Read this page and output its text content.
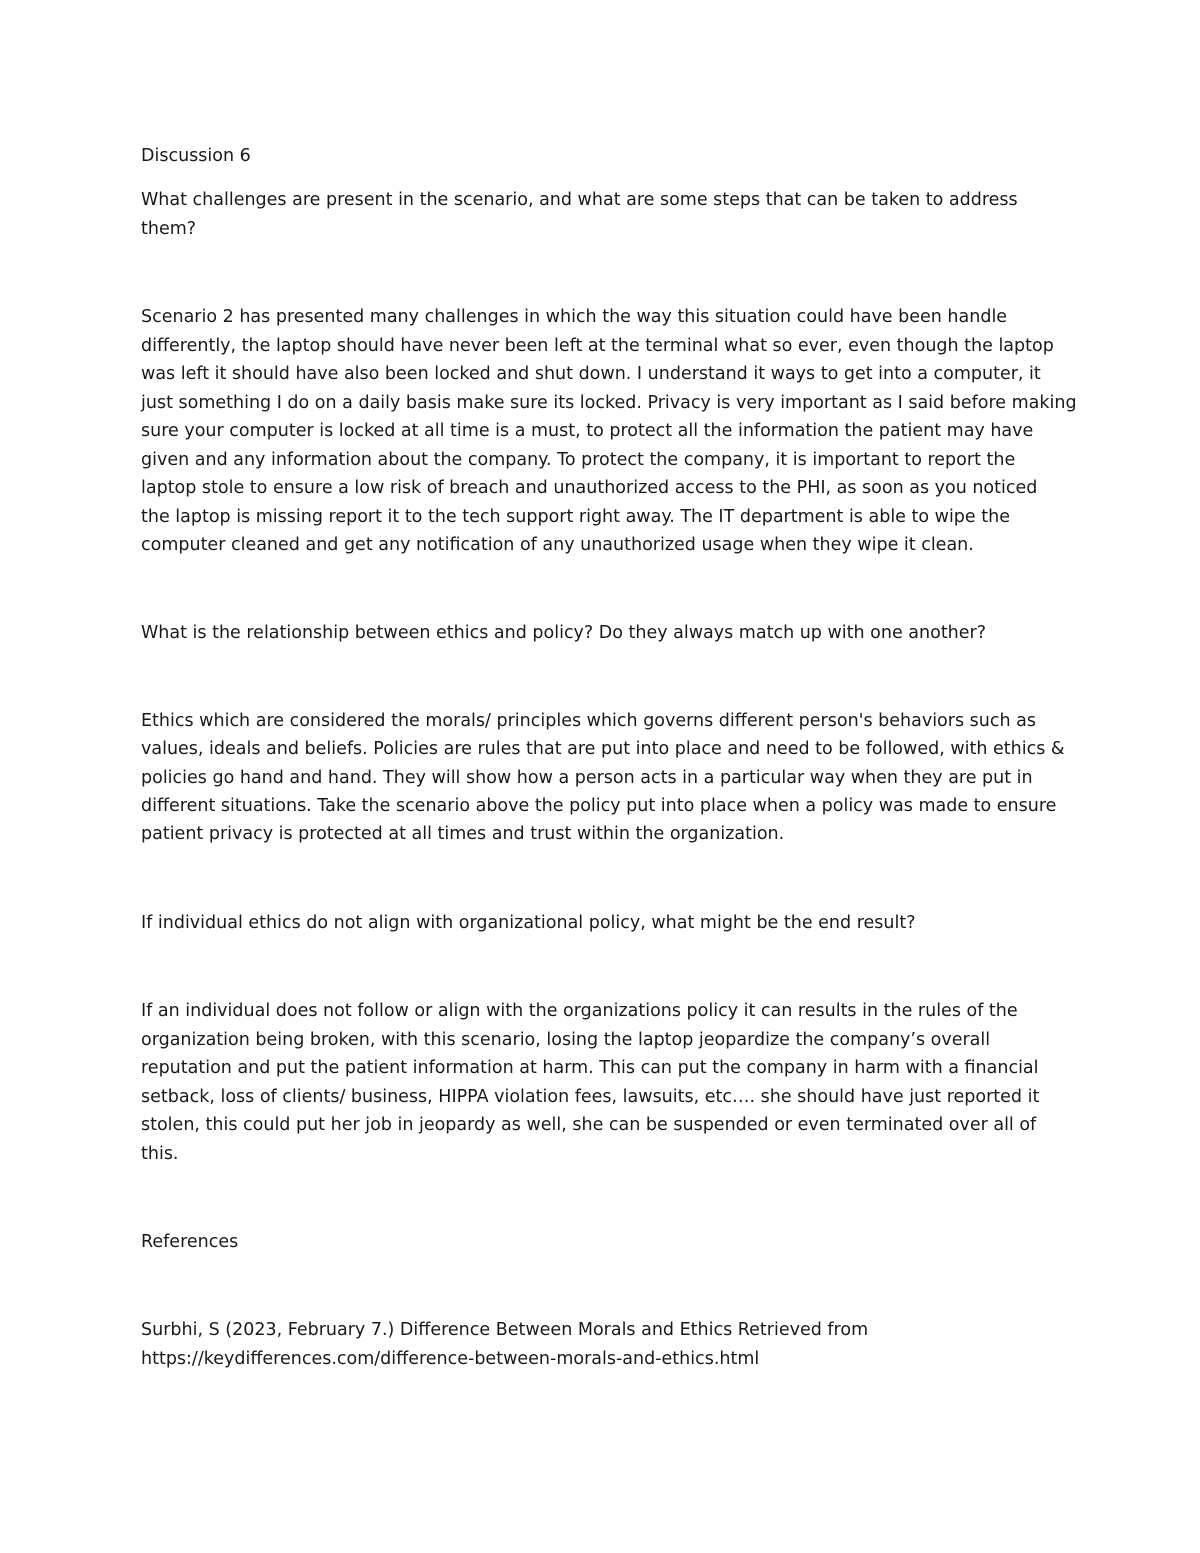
Discussion 6

What challenges are present in the scenario, and what are some steps that can be taken to address

them?

Scenario 2 has presented many challenges in which the way this situation could have been handle

differently, the laptop should have never been left at the terminal what so ever, even though the laptop

was left it should have also been locked and shut down. I understand it ways to get into a computer, it

just something I do on a daily basis make sure its locked. Privacy is very important as I said before making

sure your computer is locked at all time is a must, to protect all the information the patient may have

given and any information about the company. To protect the company, it is important to report the

laptop stole to ensure a low risk of breach and unauthorized access to the PHI, as soon as you noticed

the laptop is missing report it to the tech support right away. The IT department is able to wipe the

computer cleaned and get any notification of any unauthorized usage when they wipe it clean.

What is the relationship between ethics and policy? Do they always match up with one another?

Ethics which are considered the morals/ principles which governs different person's behaviors such as

values, ideals and beliefs. Policies are rules that are put into place and need to be followed, with ethics &

policies go hand and hand. They will show how a person acts in a particular way when they are put in

different situations. Take the scenario above the policy put into place when a policy was made to ensure

patient privacy is protected at all times and trust within the organization.

If individual ethics do not align with organizational policy, what might be the end result?

If an individual does not follow or align with the organizations policy it can results in the rules of the

organization being broken, with this scenario, losing the laptop jeopardize the company’s overall

reputation and put the patient information at harm. This can put the company in harm with a financial

setback, loss of clients/ business, HIPPA violation fees, lawsuits, etc…. she should have just reported it

stolen, this could put her job in jeopardy as well, she can be suspended or even terminated over all of

this.

References

Surbhi, S (2023, February 7.) Difference Between Morals and Ethics Retrieved from

https://keydifferences.com/difference-between-morals-and-ethics.html
